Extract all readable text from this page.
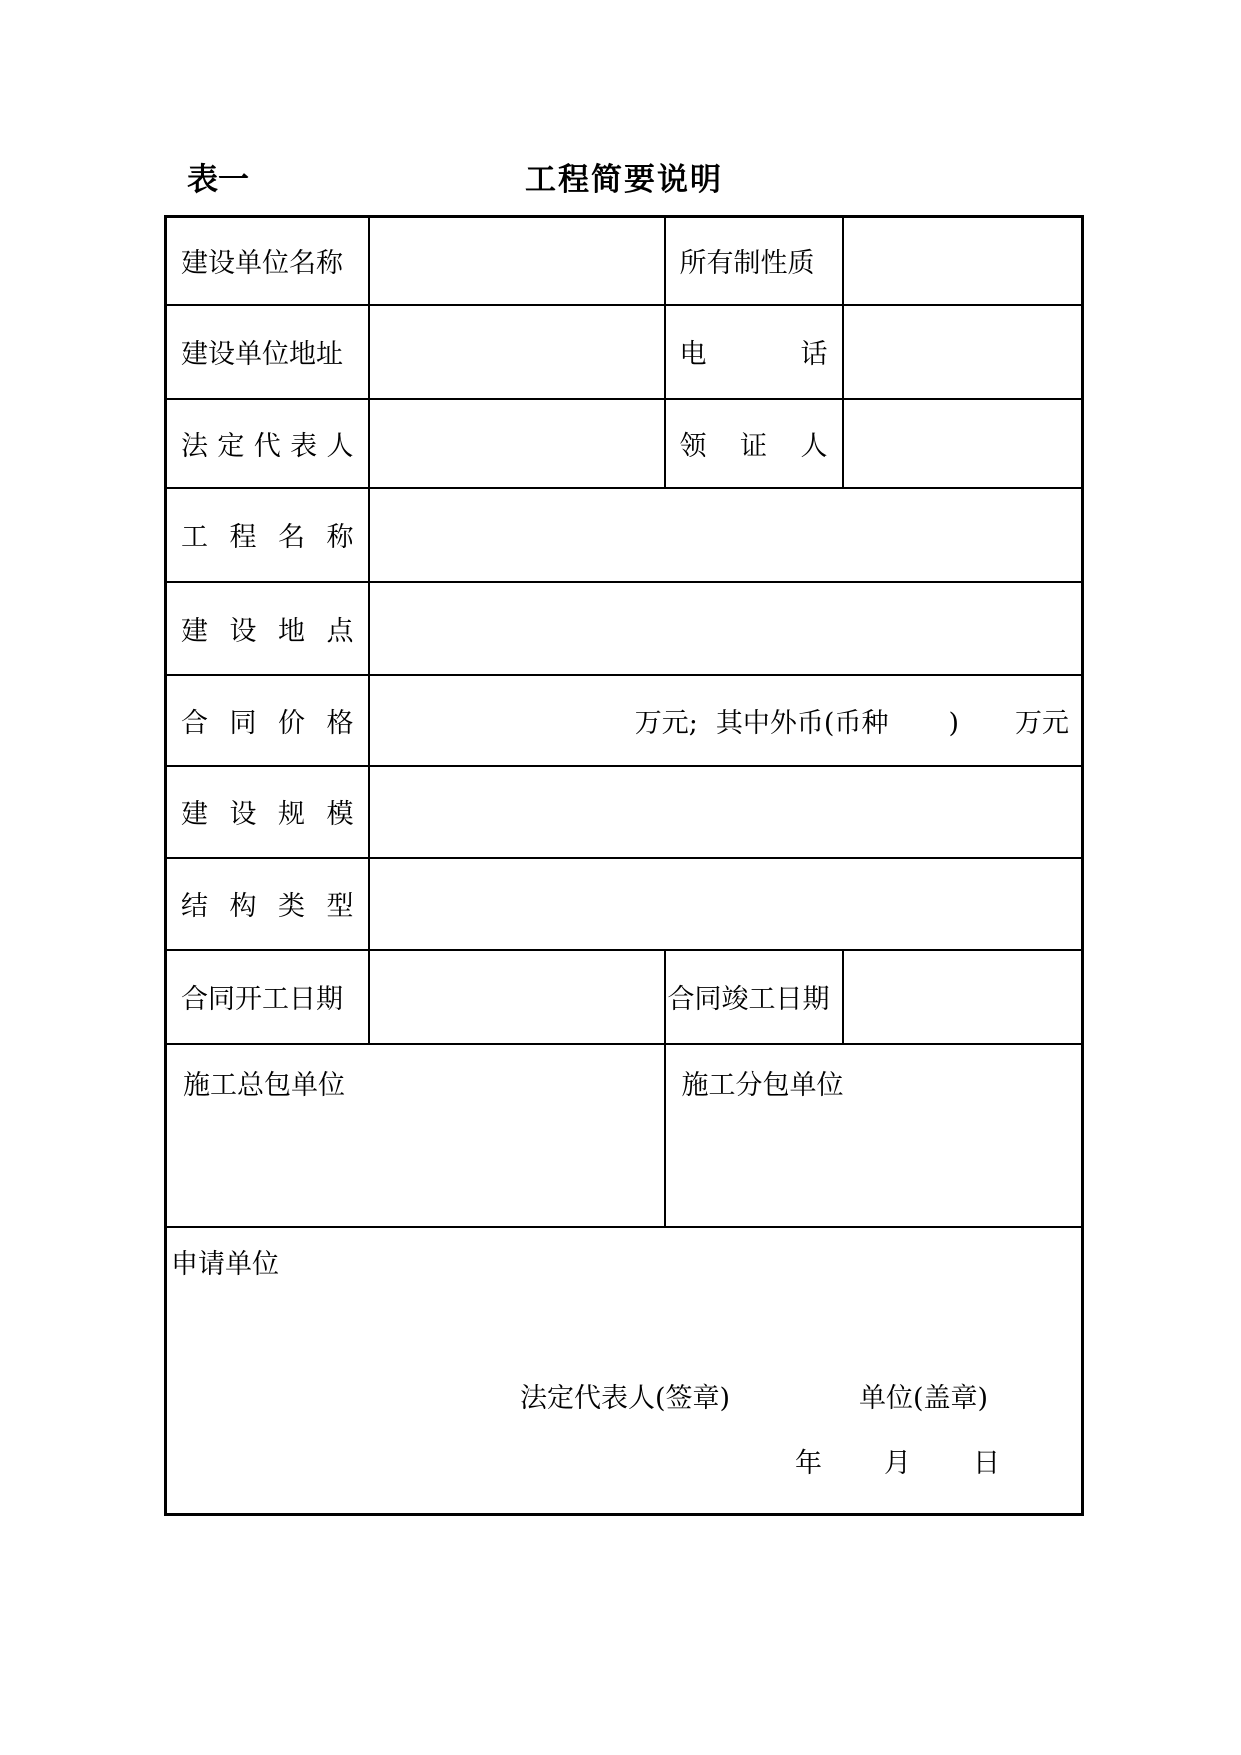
表一	工程简要说明
建设单位名称		所有制性质	
建设单位地址		电 话	

法 定 代 表 人		领 证 人	

工 程 名 称			

建 设 地 点			

合 同 价 格	万元; 其中外币(币种 ) 万元		

建 设 规 模			

结 构 类 型			

合同开工日期		合同竣工日期	
施工总包单位		施工分包单位	

申请单位
法定代表人(签章) 单位(盖章)
年 月 日			
